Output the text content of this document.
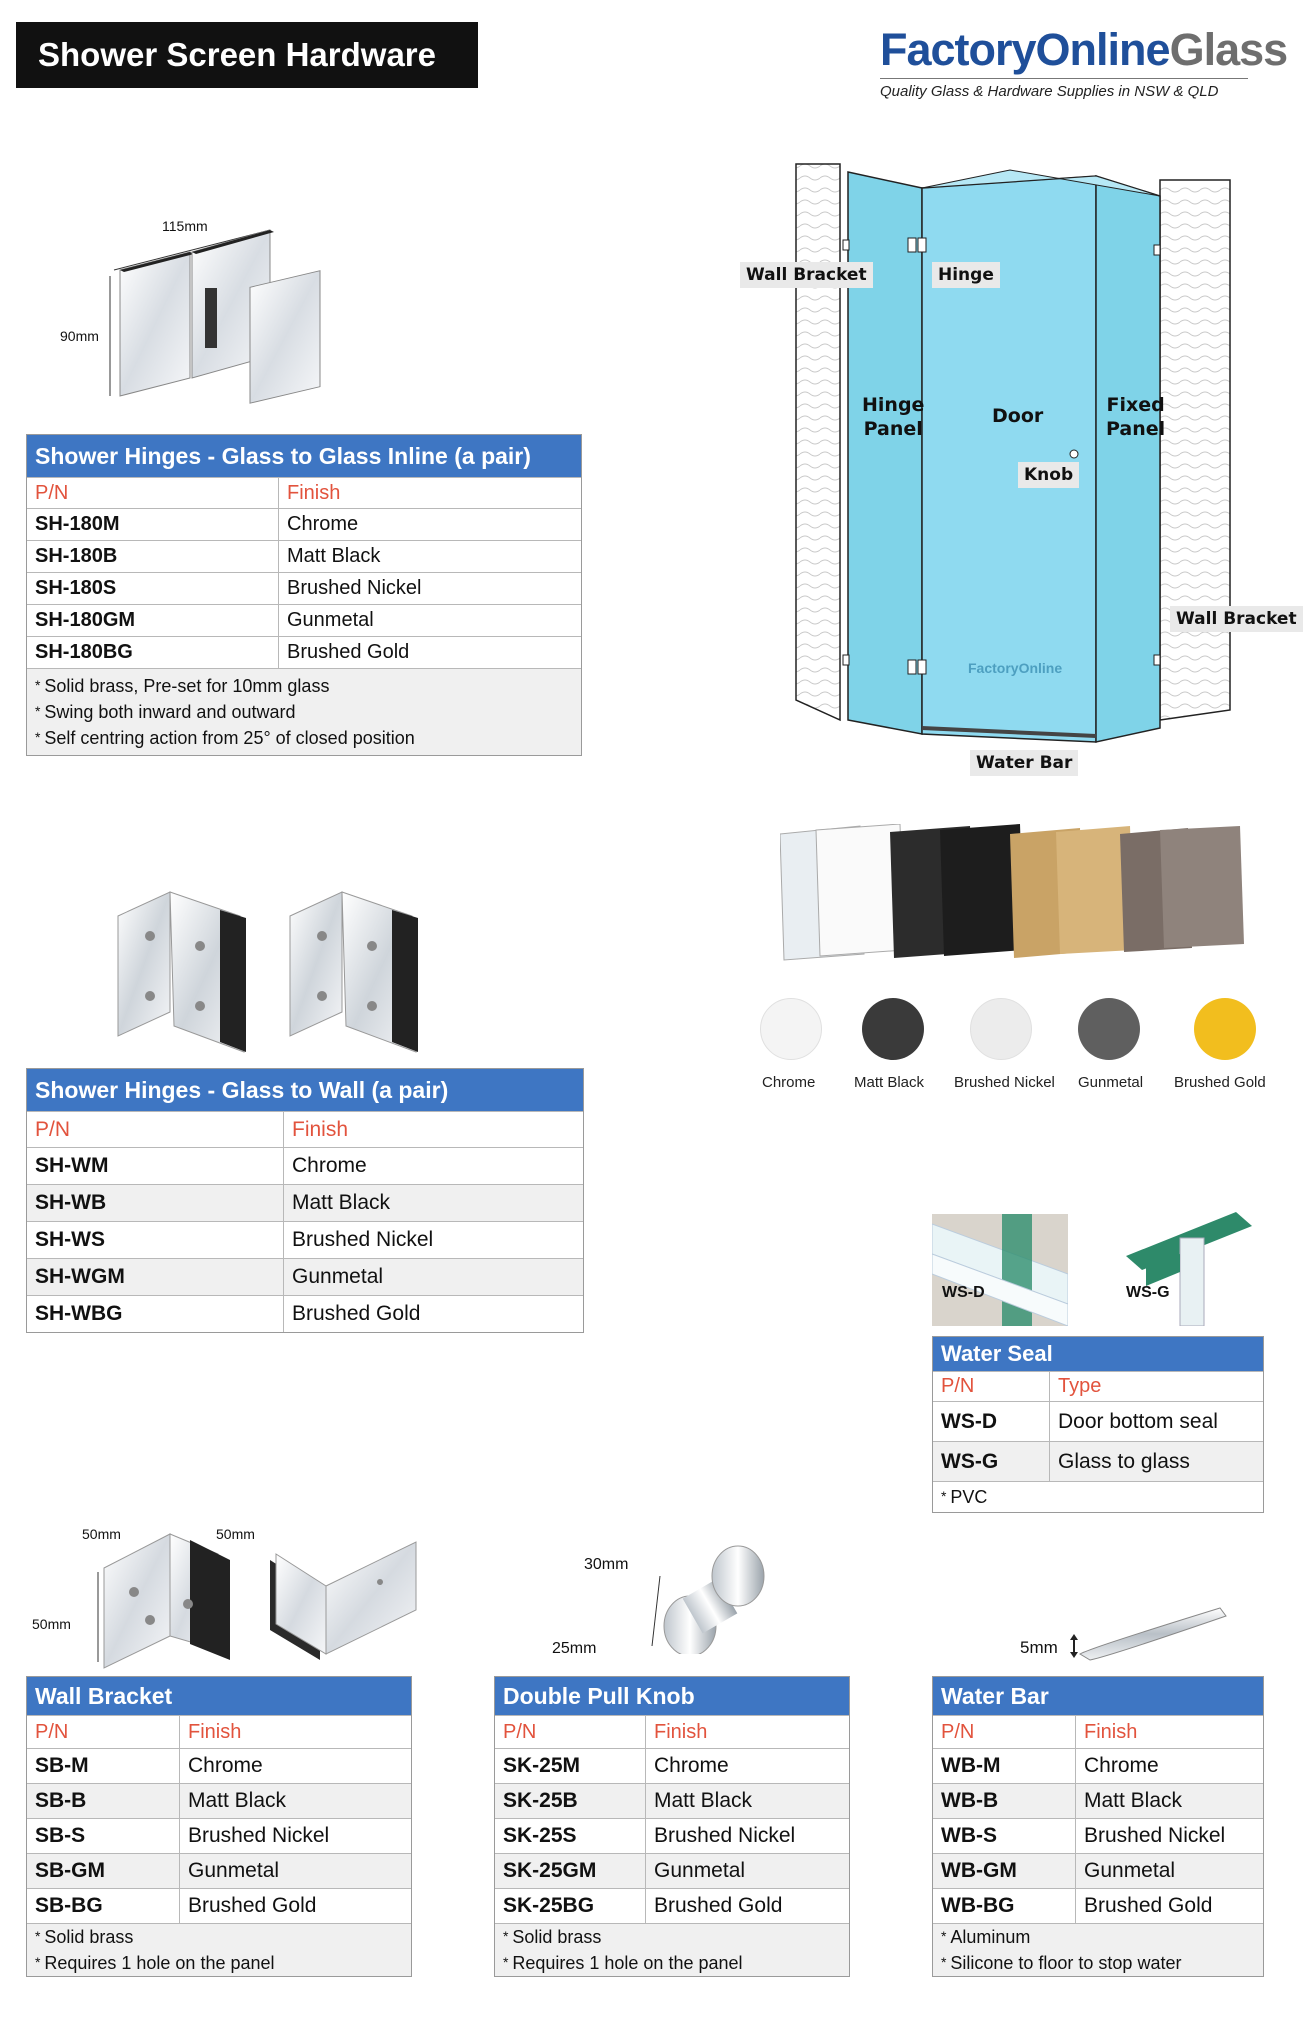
Shower Screen Hardware	FactoryOnlineGlass
Quality Glass & Hardware Supplies in NSW & QLD
115mm
90mm
Shower Hinges - Glass to Glass Inline (a pair)
P/N	Finish
SH-180M	Chrome
SH-180B	Matt Black
SH-180S	Brushed Nickel
SH-180GM	Gunmetal
SH-180BG	Brushed Gold
* Solid brass, Pre-set for 10mm glass
* Swing both inward and outward
* Self centring action from 25° of closed position
Wall Bracket	Hinge
Hinge
Panel
Door	Fixed
Panel
Knob
Wall Bracket
Water Bar
FactoryOnline
Chrome	Matt Black Brushed Nickel Gunmetal Brushed Gold
Shower Hinges - Glass to Wall (a pair)
P/N	Finish
SH-WM	Chrome
SH-WB	Matt Black
SH-WS	Brushed Nickel
SH-WGM	Gunmetal
SH-WBG	Brushed Gold
WS-D	WS-G
Water Seal
P/N	Type
WS-D	Door bottom seal
WS-G	Glass to glass
* PVC
50mm	50mm
50mm
Wall Bracket
P/N	Finish
SB-M	Chrome
SB-B	Matt Black
SB-S	Brushed Nickel
SB-GM	Gunmetal
SB-BG	Brushed Gold
* Solid brass
* Requires 1 hole on the panel
30mm
25mm
Double Pull Knob
P/N	Finish
SK-25M	Chrome
SK-25B	Matt Black
SK-25S	Brushed Nickel
SK-25GM	Gunmetal
SK-25BG	Brushed Gold
* Solid brass
* Requires 1 hole on the panel
5mm
Water Bar
P/N	Finish
WB-M	Chrome
WB-B	Matt Black
WB-S	Brushed Nickel
WB-GM	Gunmetal
WB-BG	Brushed Gold
* Aluminum
* Silicone to floor to stop water
